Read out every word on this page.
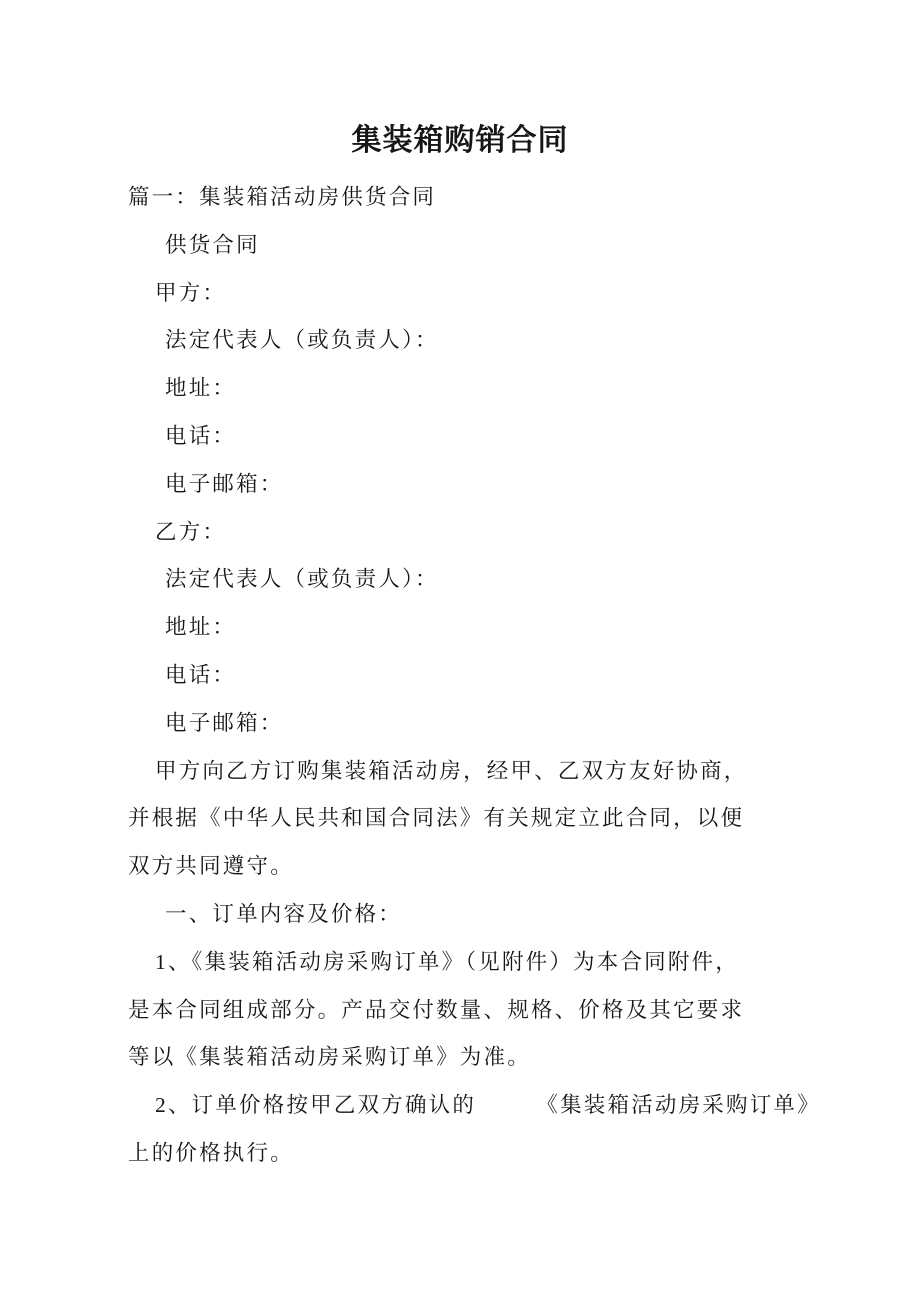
集装箱购销合同
篇一：集装箱活动房供货合同
供货合同
甲方：
法定代表人（或负责人）：
地址：
电话：
电子邮箱：
乙方：
法定代表人（或负责人）：
地址：
电话：
电子邮箱：
甲方向乙方订购集装箱活动房，经甲、乙双方友好协商，
并根据《中华人民共和国合同法》有关规定立此合同，以便
双方共同遵守。
一、订单内容及价格：
1、《集装箱活动房采购订单》（见附件）为本合同附件，
是本合同组成部分。产品交付数量、规格、价格及其它要求
等以《集装箱活动房采购订单》为准。
2、订单价格按甲乙双方确认的　　　《集装箱活动房采购订单》
上的价格执行。
